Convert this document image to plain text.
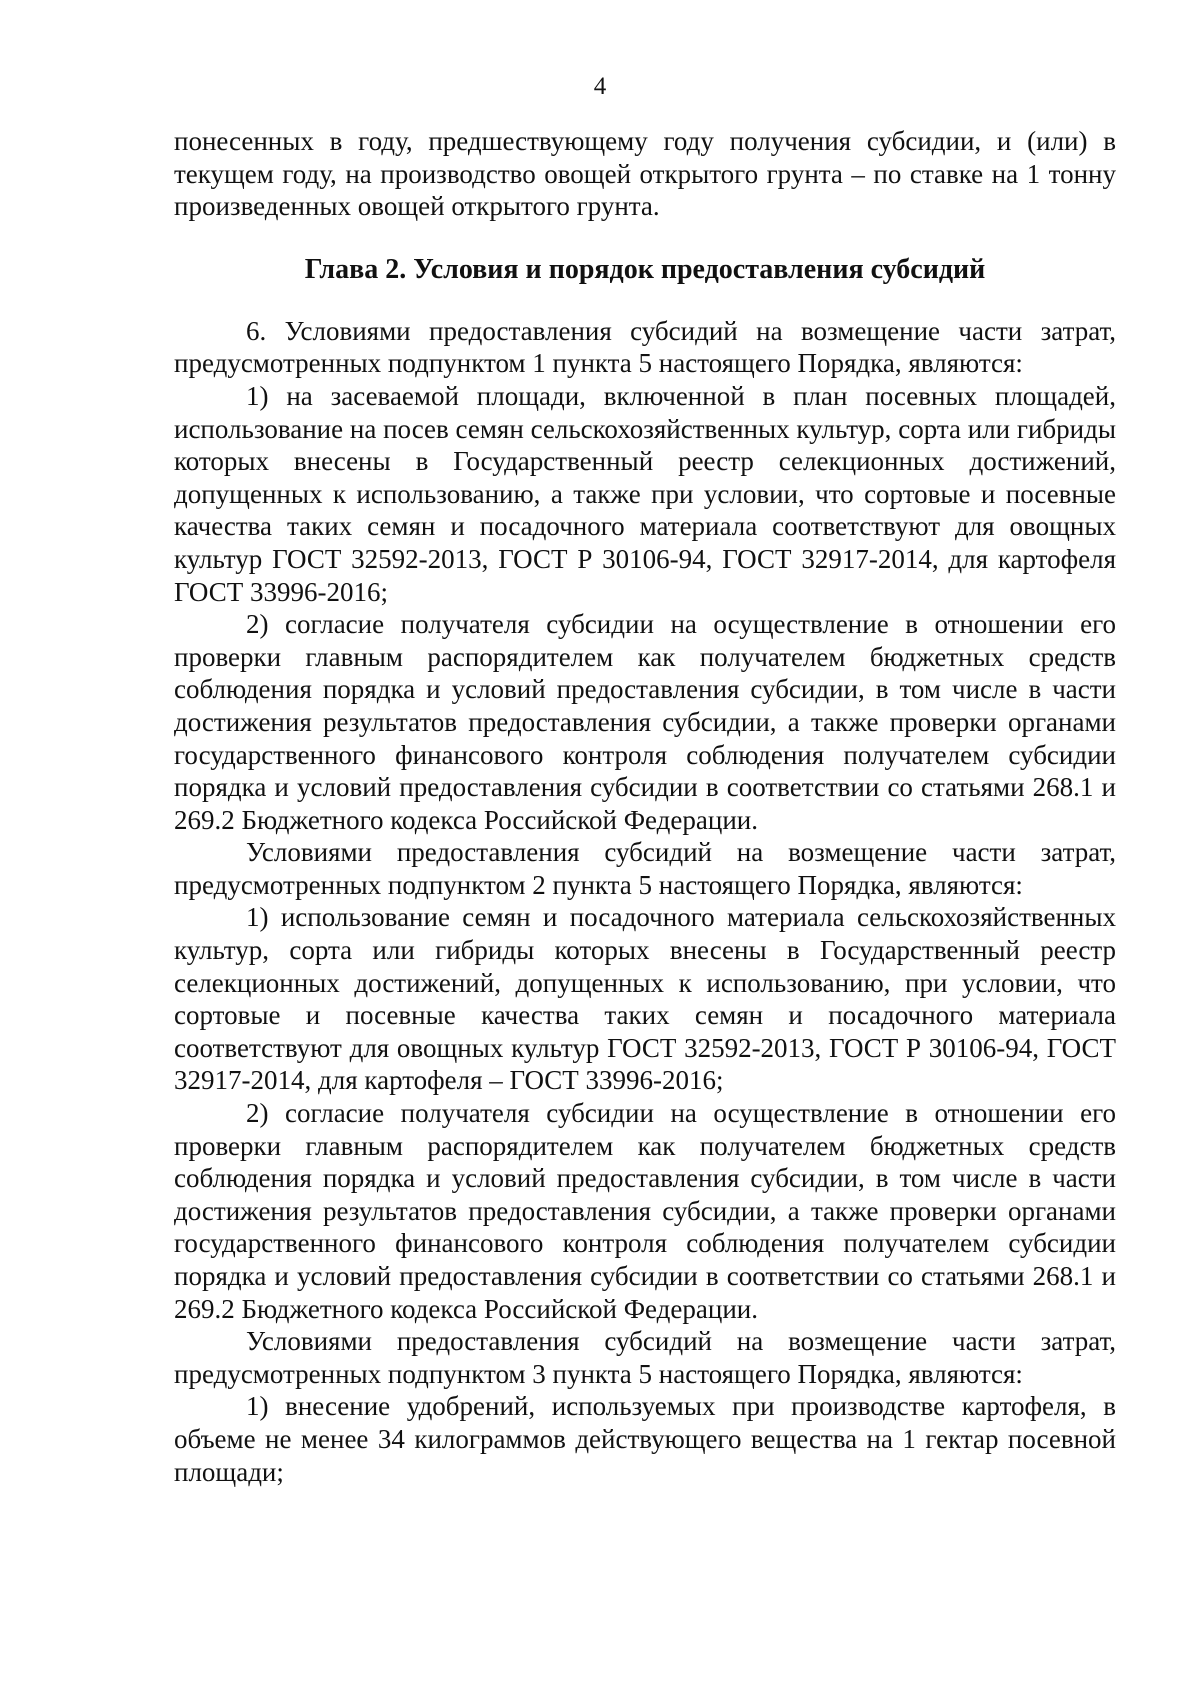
4

понесенных в году, предшествующему году получения субсидии, и (или) в текущем году, на производство овощей открытого грунта – по ставке на 1 тонну произведенных овощей открытого грунта.

Глава 2. Условия и порядок предоставления субсидий

6. Условиями предоставления субсидий на возмещение части затрат, предусмотренных подпунктом 1 пункта 5 настоящего Порядка, являются:

1) на засеваемой площади, включенной в план посевных площадей, использование на посев семян сельскохозяйственных культур, сорта или гибриды которых внесены в Государственный реестр селекционных достижений, допущенных к использованию, а также при условии, что сортовые и посевные качества таких семян и посадочного материала соответствуют для овощных культур ГОСТ 32592-2013, ГОСТ Р 30106-94, ГОСТ 32917-2014, для картофеля ГОСТ 33996-2016;

2) согласие получателя субсидии на осуществление в отношении его проверки главным распорядителем как получателем бюджетных средств соблюдения порядка и условий предоставления субсидии, в том числе в части достижения результатов предоставления субсидии, а также проверки органами государственного финансового контроля соблюдения получателем субсидии порядка и условий предоставления субсидии в соответствии со статьями 268.1 и 269.2 Бюджетного кодекса Российской Федерации.

Условиями предоставления субсидий на возмещение части затрат, предусмотренных подпунктом 2 пункта 5 настоящего Порядка, являются:

1) использование семян и посадочного материала сельскохозяйственных культур, сорта или гибриды которых внесены в Государственный реестр селекционных достижений, допущенных к использованию, при условии, что сортовые и посевные качества таких семян и посадочного материала соответствуют для овощных культур ГОСТ 32592-2013, ГОСТ Р 30106-94, ГОСТ 32917-2014, для картофеля – ГОСТ 33996-2016;

2) согласие получателя субсидии на осуществление в отношении его проверки главным распорядителем как получателем бюджетных средств соблюдения порядка и условий предоставления субсидии, в том числе в части достижения результатов предоставления субсидии, а также проверки органами государственного финансового контроля соблюдения получателем субсидии порядка и условий предоставления субсидии в соответствии со статьями 268.1 и 269.2 Бюджетного кодекса Российской Федерации.

Условиями предоставления субсидий на возмещение части затрат, предусмотренных подпунктом 3 пункта 5 настоящего Порядка, являются:

1) внесение удобрений, используемых при производстве картофеля, в объеме не менее 34 килограммов действующего вещества на 1 гектар посевной площади;
